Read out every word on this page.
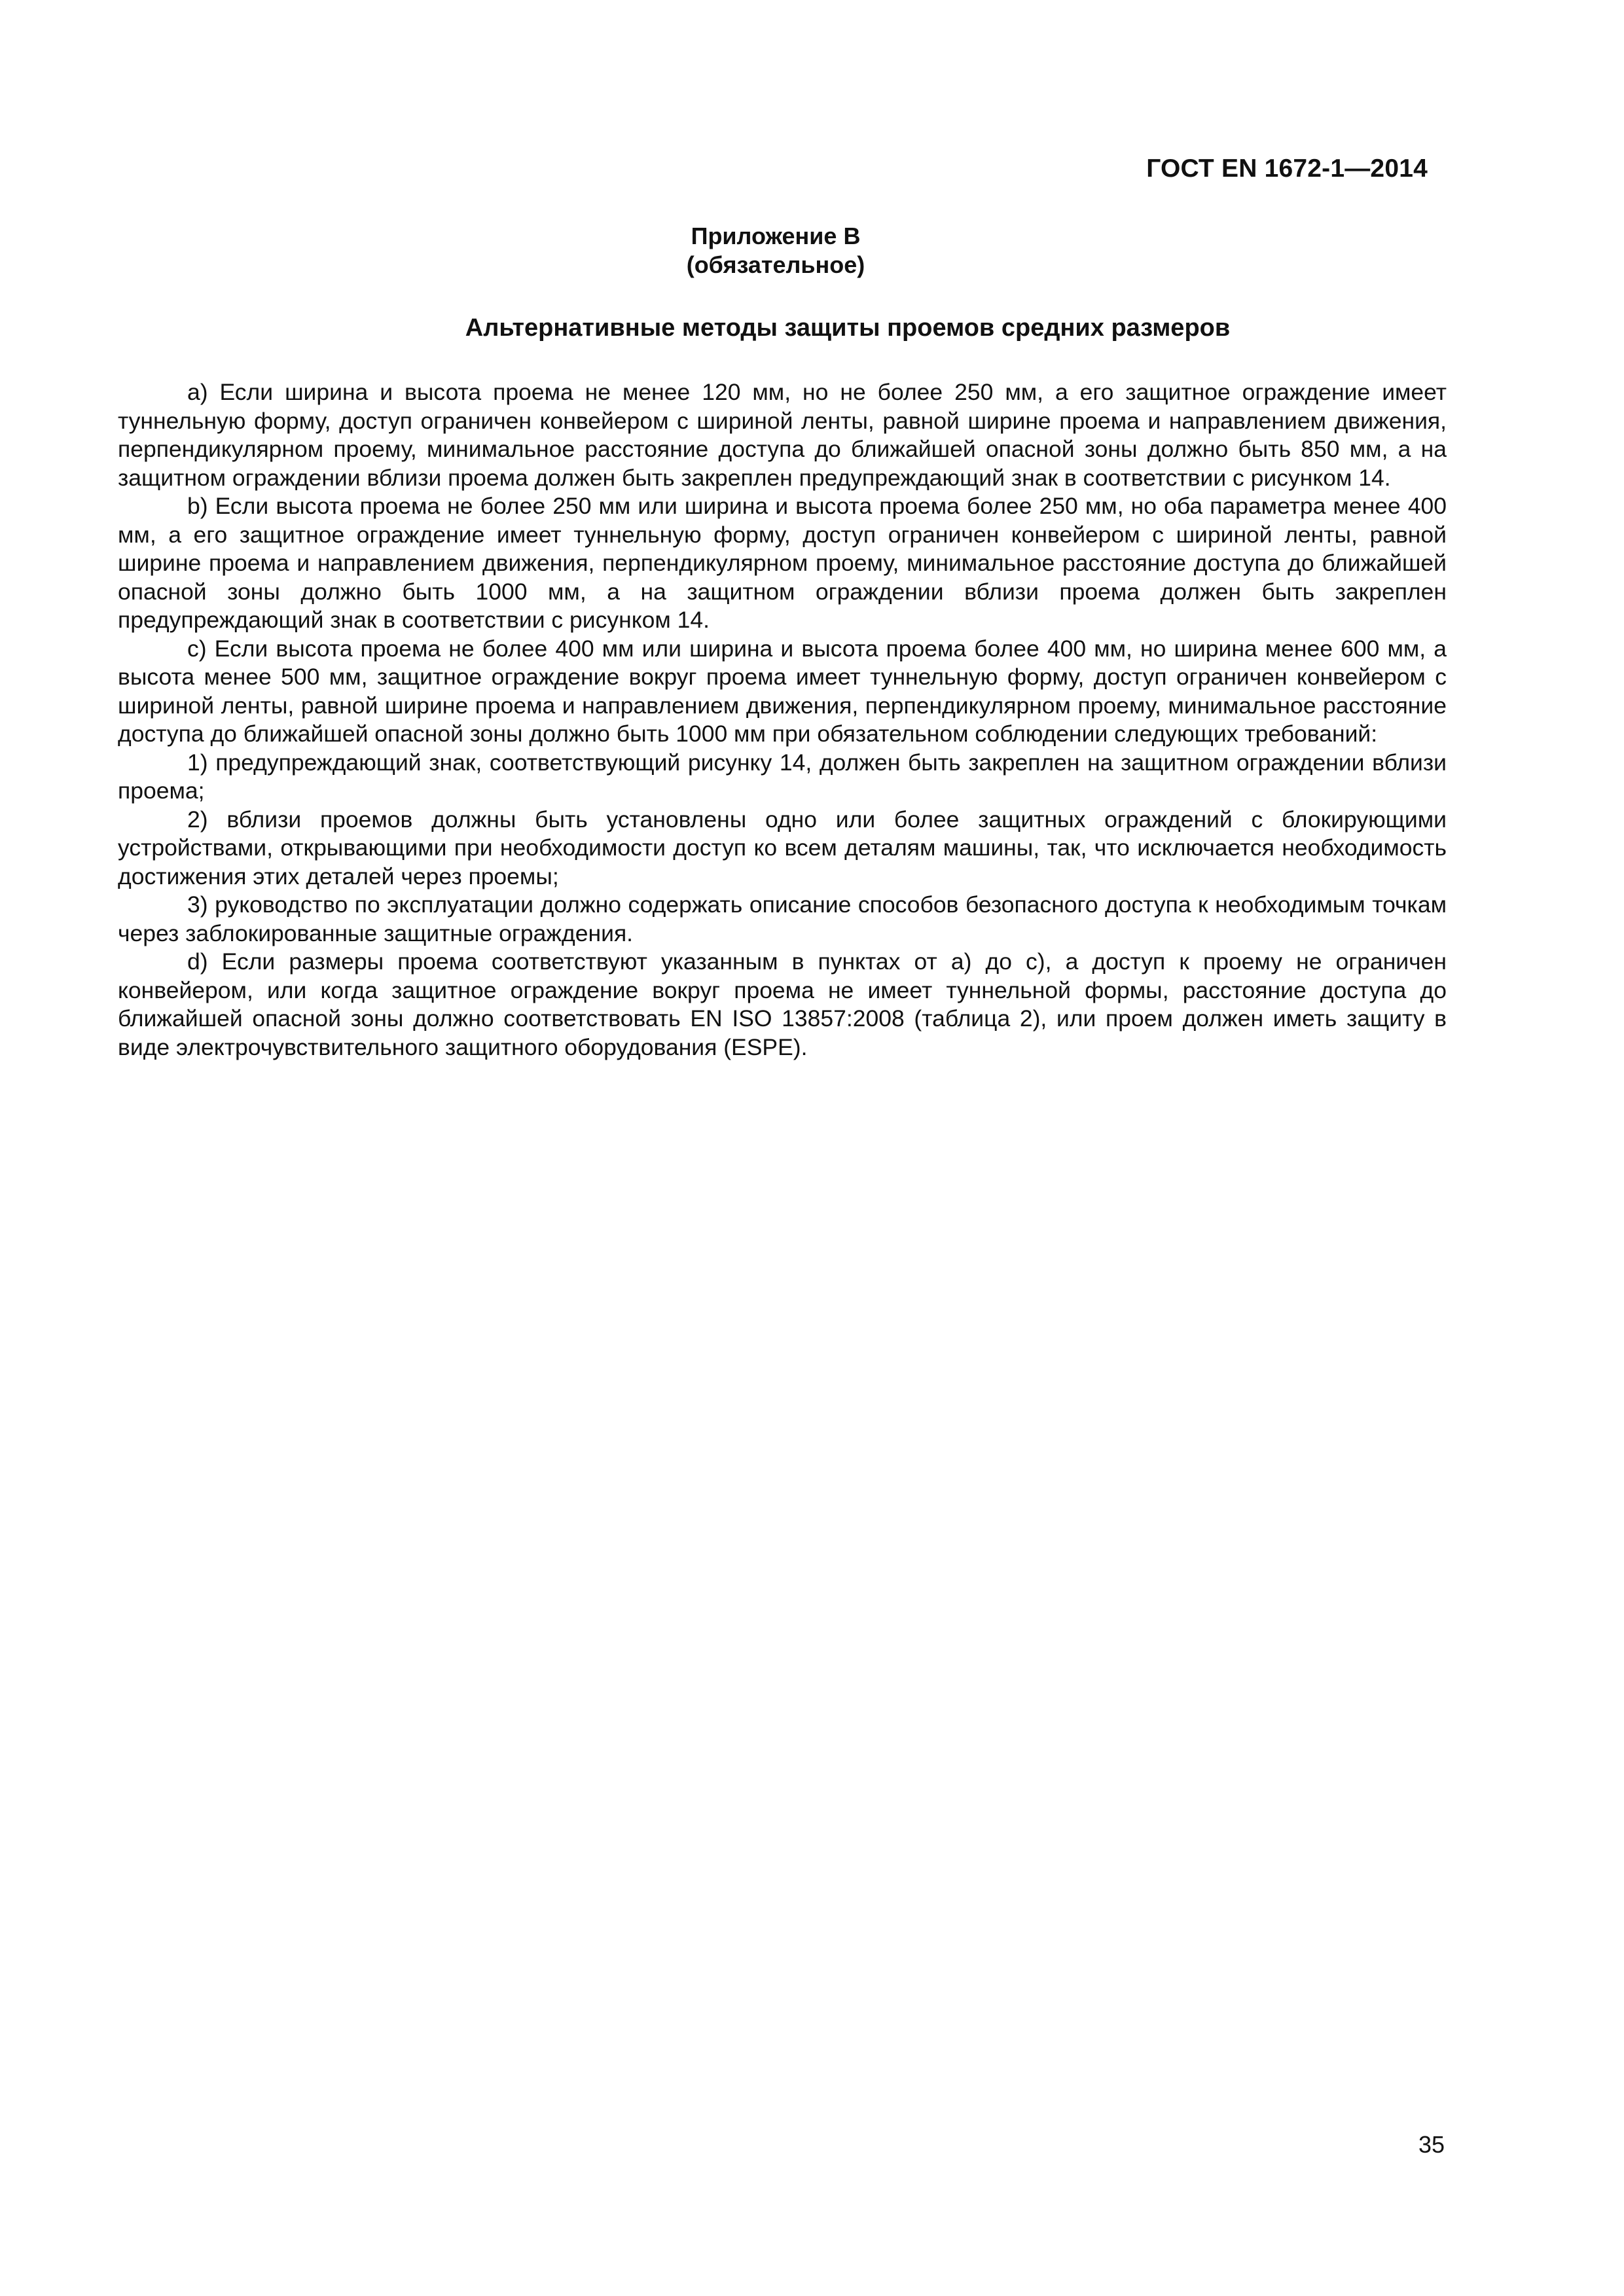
ГОСТ EN 1672-1—2014
Приложение B
(обязательное)
Альтернативные методы защиты проемов средних размеров

a) Если ширина и высота проема не менее 120 мм, но не более 250 мм, а его защитное ограждение имеет туннельную форму, доступ ограничен конвейером с шириной ленты, равной ширине проема и направлением движения, перпендикулярном проему, минимальное расстояние доступа до ближайшей опасной зоны должно быть 850 мм, а на защитном ограждении вблизи проема должен быть закреплен предупреждающий знак в соответствии с рисунком 14.

b) Если высота проема не более 250 мм или ширина и высота проема более 250 мм, но оба параметра менее 400 мм, а его защитное ограждение имеет туннельную форму, доступ ограничен конвейером с шириной ленты, равной ширине проема и направлением движения, перпендикулярном проему, минимальное расстояние доступа до ближайшей опасной зоны должно быть 1000 мм, а на защитном ограждении вблизи проема должен быть закреплен предупреждающий знак в соответствии с рисунком 14.

c) Если высота проема не более 400 мм или ширина и высота проема более 400 мм, но ширина менее 600 мм, а высота менее 500 мм, защитное ограждение вокруг проема имеет туннельную форму, доступ ограничен конвейером с шириной ленты, равной ширине проема и направлением движения, перпендикулярном проему, минимальное расстояние доступа до ближайшей опасной зоны должно быть 1000 мм при обязательном соблюдении следующих требований:

1) предупреждающий знак, соответствующий рисунку 14, должен быть закреплен на защитном ограждении вблизи проема;

2) вблизи проемов должны быть установлены одно или более защитных ограждений с блокирующими устройствами, открывающими при необходимости доступ ко всем деталям машины, так, что исключается необходимость достижения этих деталей через проемы;

3) руководство по эксплуатации должно содержать описание способов безопасного доступа к необходимым точкам через заблокированные защитные ограждения.

d) Если размеры проема соответствуют указанным в пунктах от a) до c), а доступ к проему не ограничен конвейером, или когда защитное ограждение вокруг проема не имеет туннельной формы, расстояние доступа до ближайшей опасной зоны должно соответствовать EN ISO 13857:2008 (таблица 2), или проем должен иметь защиту в виде электрочувствительного защитного оборудования (ESPE).

35
